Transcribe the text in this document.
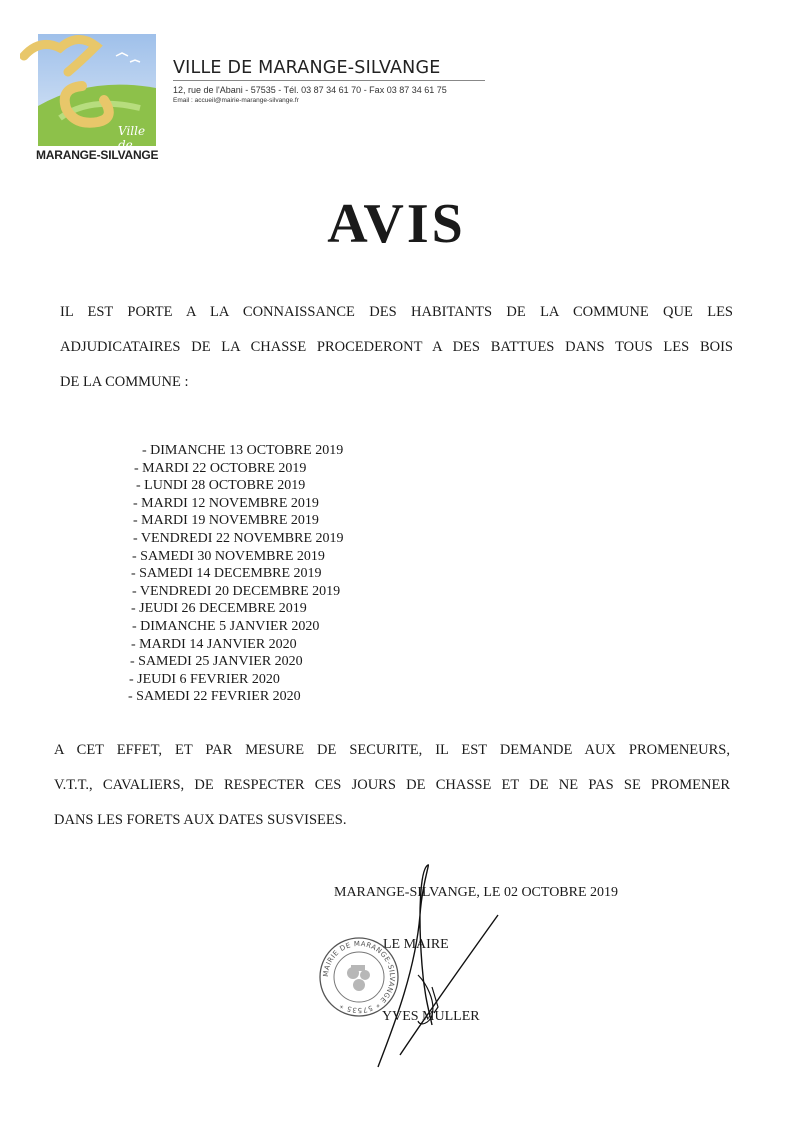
Ville de
MARANGE-SILVANGE
VILLE DE MARANGE-SILVANGE
12, rue de l'Abani - 57535 - Tél. 03 87 34 61 70 - Fax 03 87 34 61 75
Email : accueil@mairie-marange-silvange.fr
AVIS
IL EST PORTE A LA CONNAISSANCE DES HABITANTS DE LA COMMUNE QUE LES
ADJUDICATAIRES DE LA CHASSE PROCEDERONT A DES BATTUES DANS TOUS LES BOIS
DE LA COMMUNE :
- DIMANCHE 13 OCTOBRE 2019
- MARDI 22 OCTOBRE 2019
- LUNDI 28 OCTOBRE 2019
- MARDI 12 NOVEMBRE 2019
- MARDI 19 NOVEMBRE 2019
- VENDREDI 22 NOVEMBRE 2019
- SAMEDI 30 NOVEMBRE 2019
- SAMEDI 14 DECEMBRE 2019
- VENDREDI 20 DECEMBRE 2019
- JEUDI 26 DECEMBRE 2019
- DIMANCHE 5 JANVIER 2020
- MARDI 14 JANVIER 2020
- SAMEDI 25 JANVIER 2020
- JEUDI 6 FEVRIER 2020
- SAMEDI 22 FEVRIER 2020
A CET EFFET, ET PAR MESURE DE SECURITE, IL EST DEMANDE AUX PROMENEURS,
V.T.T., CAVALIERS, DE RESPECTER CES JOURS DE CHASSE ET DE NE PAS SE PROMENER
DANS LES FORETS AUX DATES SUSVISEES.
MARANGE-SILVANGE, LE 02 OCTOBRE 2019
LE MAIRE
YVES MULLER
MAIRIE DE MARANGE-SILVANGE * 57535 *
